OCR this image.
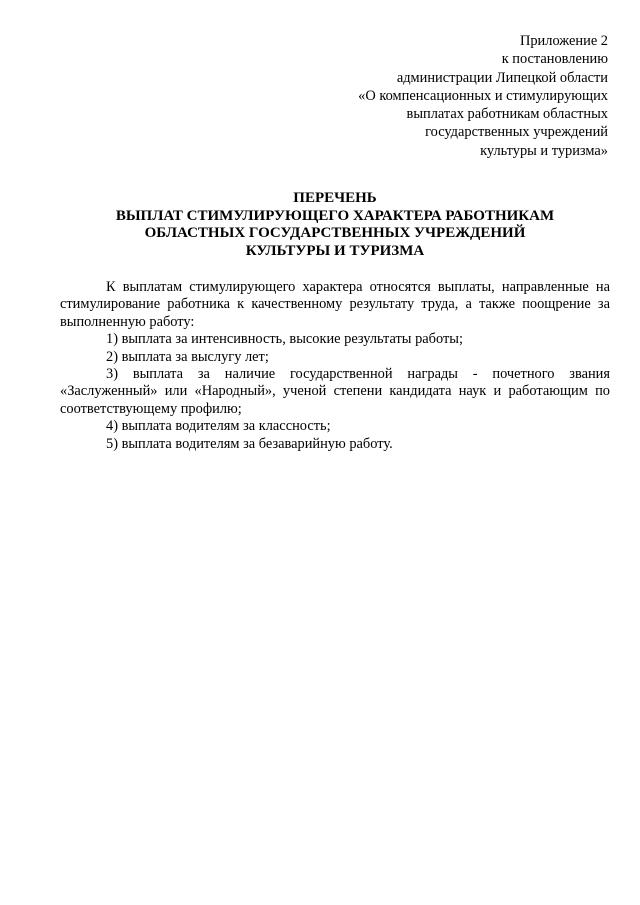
Приложение 2
к постановлению
администрации Липецкой области
«О компенсационных и стимулирующих
выплатах работникам областных
государственных учреждений
культуры и туризма»
ПЕРЕЧЕНЬ
ВЫПЛАТ СТИМУЛИРУЮЩЕГО ХАРАКТЕРА РАБОТНИКАМ
ОБЛАСТНЫХ ГОСУДАРСТВЕННЫХ УЧРЕЖДЕНИЙ
КУЛЬТУРЫ И ТУРИЗМА

К выплатам стимулирующего характера относятся выплаты, направленные на стимулирование работника к качественному результату труда, а также поощрение за выполненную работу:

1) выплата за интенсивность, высокие результаты работы;

2) выплата за выслугу лет;

3) выплата за наличие государственной награды - почетного звания «Заслуженный» или «Народный», ученой степени кандидата наук и работающим по соответствующему профилю;

4) выплата водителям за классность;

5) выплата водителям за безаварийную работу.
